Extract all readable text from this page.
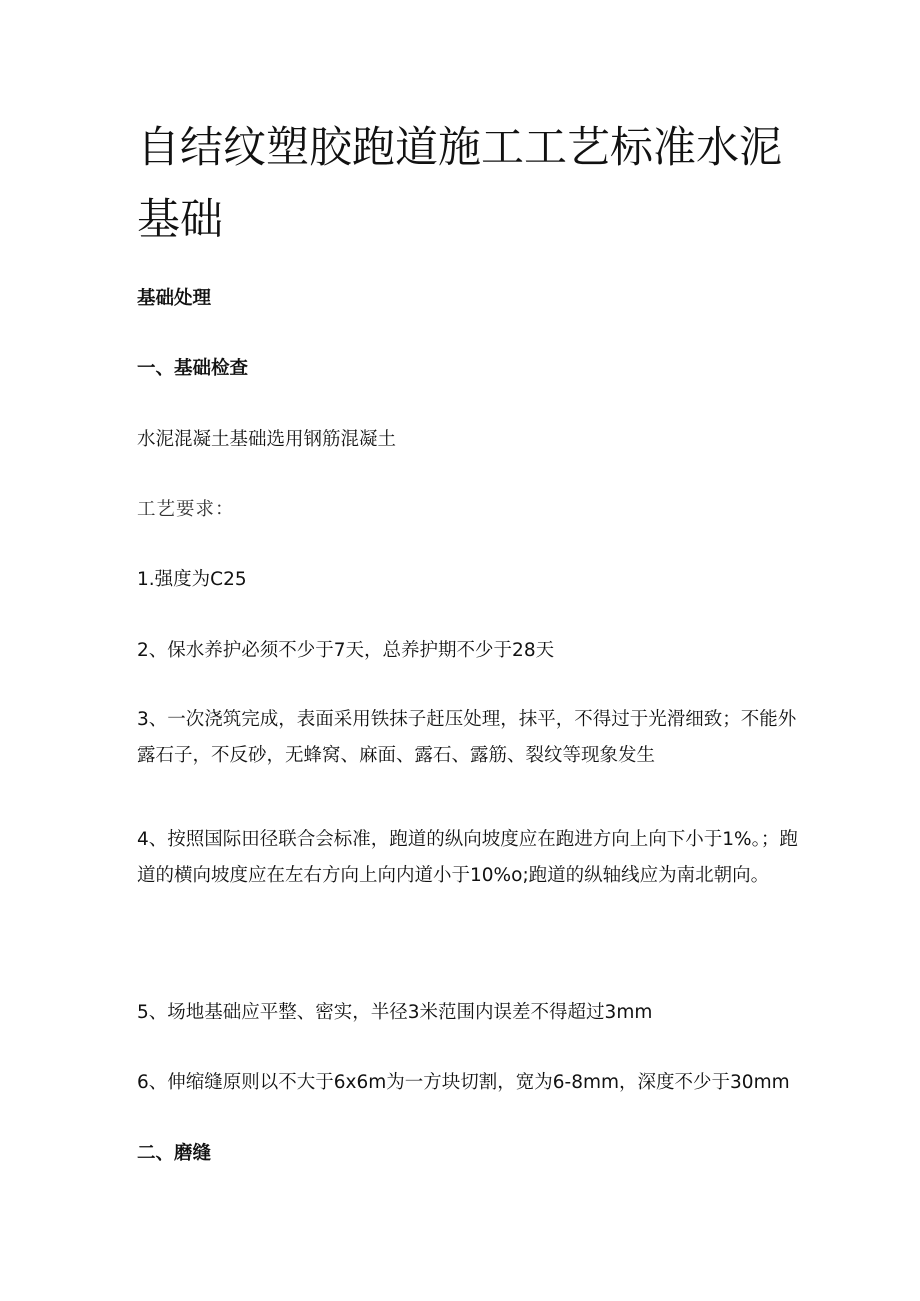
自结纹塑胶跑道施工工艺标准水泥基础

基础处理

一、基础检查

水泥混凝土基础选用钢筋混凝土

工艺要求：

1.强度为C25

2、保水养护必须不少于7天，总养护期不少于28天

3、一次浇筑完成，表面采用铁抹子赶压处理，抹平，不得过于光滑细致；不能外露石子，不反砂，无蜂窝、麻面、露石、露筋、裂纹等现象发生

4、按照国际田径联合会标准，跑道的纵向坡度应在跑进方向上向下小于1%。；跑道的横向坡度应在左右方向上向内道小于10%o;跑道的纵轴线应为南北朝向。

5、场地基础应平整、密实，半径3米范围内误差不得超过3mm

6、伸缩缝原则以不大于6x6m为一方块切割，宽为6-8mm，深度不少于30mm

二、磨缝
